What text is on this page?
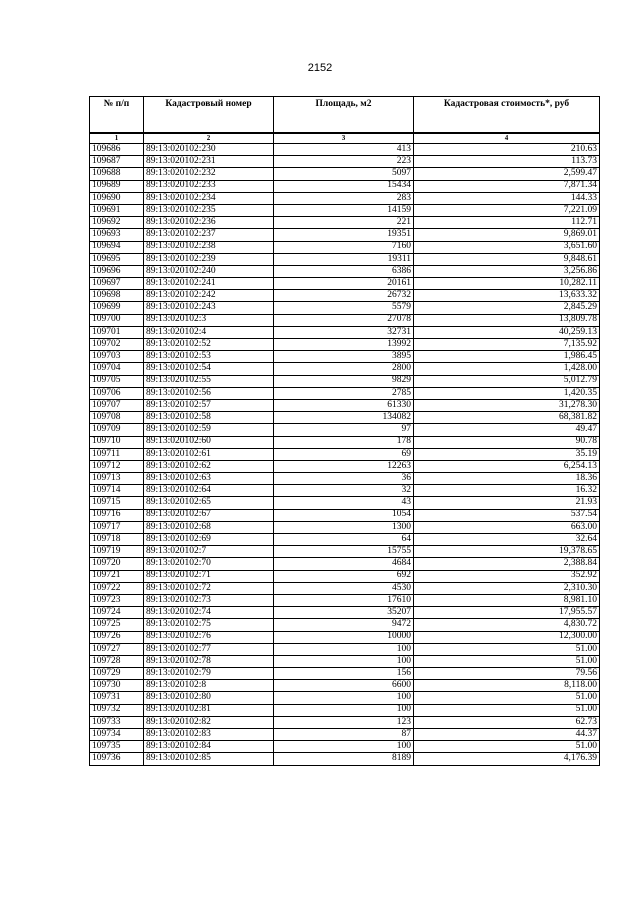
2152
№ п/п	Кадастровый номер	Площадь, м2	Кадастровая стоимость*, руб
1	2	3	4
109686	89:13:020102:230	413	210.63
109687	89:13:020102:231	223	113.73
109688	89:13:020102:232	5097	2,599.47
109689	89:13:020102:233	15434	7,871.34
109690	89:13:020102:234	283	144.33
109691	89:13:020102:235	14159	7,221.09
109692	89:13:020102:236	221	112.71
109693	89:13:020102:237	19351	9,869.01
109694	89:13:020102:238	7160	3,651.60
109695	89:13:020102:239	19311	9,848.61
109696	89:13:020102:240	6386	3,256.86
109697	89:13:020102:241	20161	10,282.11
109698	89:13:020102:242	26732	13,633.32
109699	89:13:020102:243	5579	2,845.29
109700	89:13:020102:3	27078	13,809.78
109701	89:13:020102:4	32731	40,259.13
109702	89:13:020102:52	13992	7,135.92
109703	89:13:020102:53	3895	1,986.45
109704	89:13:020102:54	2800	1,428.00
109705	89:13:020102:55	9829	5,012.79
109706	89:13:020102:56	2785	1,420.35
109707	89:13:020102:57	61330	31,278.30
109708	89:13:020102:58	134082	68,381.82
109709	89:13:020102:59	97	49.47
109710	89:13:020102:60	178	90.78
109711	89:13:020102:61	69	35.19
109712	89:13:020102:62	12263	6,254.13
109713	89:13:020102:63	36	18.36
109714	89:13:020102:64	32	16.32
109715	89:13:020102:65	43	21.93
109716	89:13:020102:67	1054	537.54
109717	89:13:020102:68	1300	663.00
109718	89:13:020102:69	64	32.64
109719	89:13:020102:7	15755	19,378.65
109720	89:13:020102:70	4684	2,388.84
109721	89:13:020102:71	692	352.92
109722	89:13:020102:72	4530	2,310.30
109723	89:13:020102:73	17610	8,981.10
109724	89:13:020102:74	35207	17,955.57
109725	89:13:020102:75	9472	4,830.72
109726	89:13:020102:76	10000	12,300.00
109727	89:13:020102:77	100	51.00
109728	89:13:020102:78	100	51.00
109729	89:13:020102:79	156	79.56
109730	89:13:020102:8	6600	8,118.00
109731	89:13:020102:80	100	51.00
109732	89:13:020102:81	100	51.00
109733	89:13:020102:82	123	62.73
109734	89:13:020102:83	87	44.37
109735	89:13:020102:84	100	51.00
109736	89:13:020102:85	8189	4,176.39
